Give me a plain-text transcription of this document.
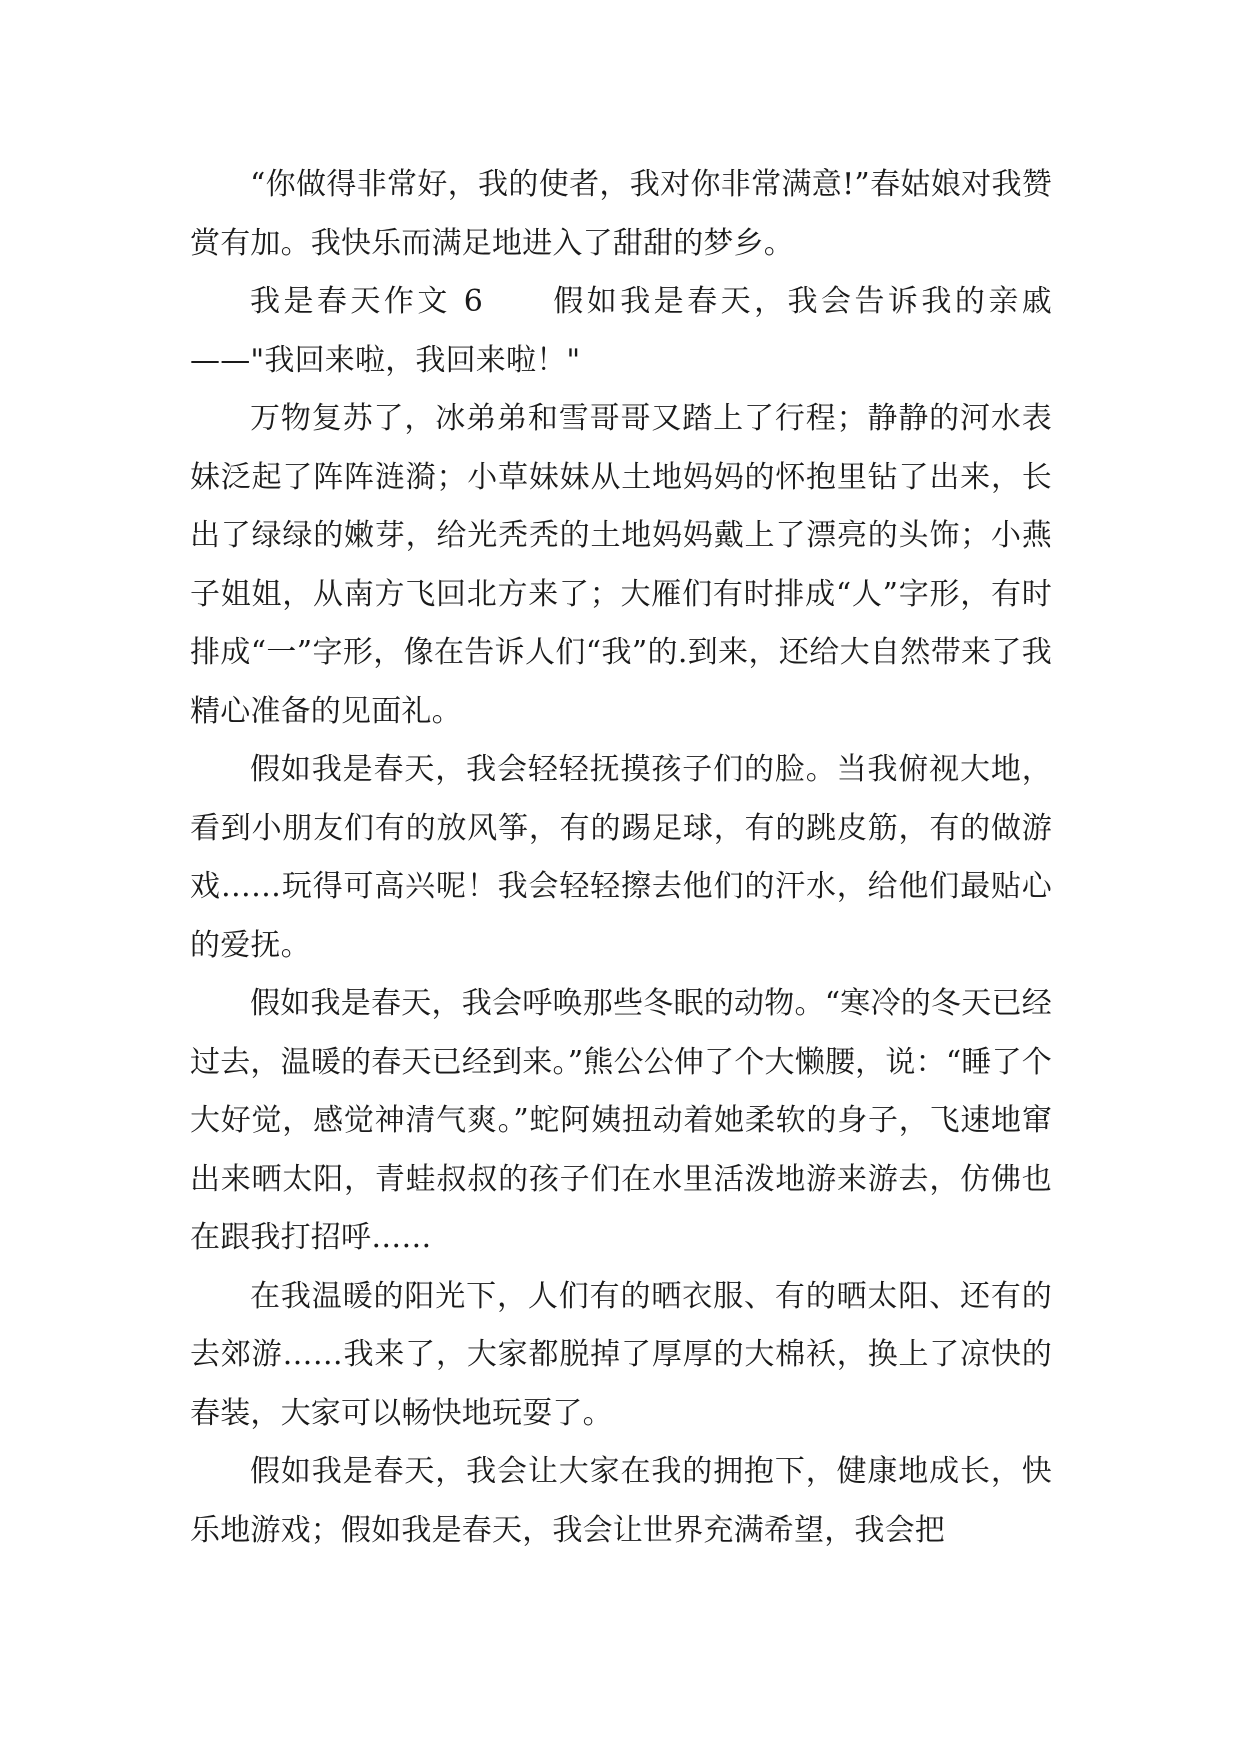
“你做得非常好，我的使者，我对你非常满意!”春姑娘对我赞赏有加。我快乐而满足地进入了甜甜的梦乡。

我是春天作文 6　　假如我是春天，我会告诉我的亲戚——"我回来啦，我回来啦！"

万物复苏了，冰弟弟和雪哥哥又踏上了行程；静静的河水表妹泛起了阵阵涟漪；小草妹妹从土地妈妈的怀抱里钻了出来，长出了绿绿的嫩芽，给光秃秃的土地妈妈戴上了漂亮的头饰；小燕子姐姐，从南方飞回北方来了；大雁们有时排成“人”字形，有时排成“一”字形，像在告诉人们“我”的.到来，还给大自然带来了我精心准备的见面礼。

假如我是春天，我会轻轻抚摸孩子们的脸。当我俯视大地，看到小朋友们有的放风筝，有的踢足球，有的跳皮筋，有的做游戏……玩得可高兴呢！我会轻轻擦去他们的汗水，给他们最贴心的爱抚。

假如我是春天，我会呼唤那些冬眠的动物。“寒冷的冬天已经过去，温暖的春天已经到来。”熊公公伸了个大懒腰，说：“睡了个大好觉，感觉神清气爽。”蛇阿姨扭动着她柔软的身子，飞速地窜出来晒太阳，青蛙叔叔的孩子们在水里活泼地游来游去，仿佛也在跟我打招呼……

在我温暖的阳光下，人们有的晒衣服、有的晒太阳、还有的去郊游……我来了，大家都脱掉了厚厚的大棉袄，换上了凉快的春装，大家可以畅快地玩耍了。

假如我是春天，我会让大家在我的拥抱下，健康地成长，快乐地游戏；假如我是春天，我会让世界充满希望，我会把
